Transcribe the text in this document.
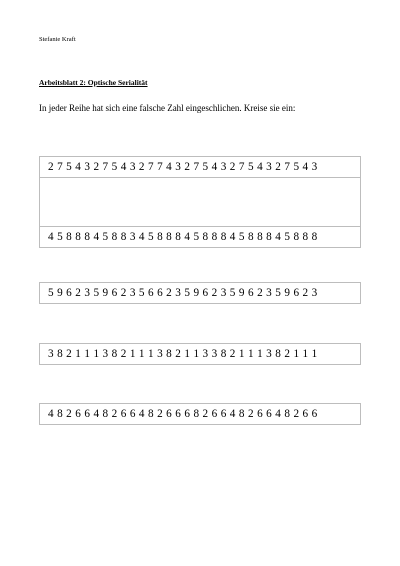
Stefanie Kraft
Arbeitsblatt 2: Optische Serialität
In jeder Reihe hat sich eine falsche Zahl eingeschlichen. Kreise sie ein:
2 7 5 4 3 2 7 5 4 3 2 7 7 4 3 2 7 5 4 3 2 7 5 4 3 2 7 5 4 3
4 5 8 8 8 4 5 8 8 3 4 5 8 8 8 4 5 8 8 8 4 5 8 8 8 4 5 8 8 8
5 9 6 2 3 5 9 6 2 3 5 6 6 2 3 5 9 6 2 3 5 9 6 2 3 5 9 6 2 3
3 8 2 1 1 1 3 8 2 1 1 1 3 8 2 1 1 3 3 8 2 1 1 1 3 8 2 1 1 1
4 8 2 6 6 4 8 2 6 6 4 8 2 6 6 6 8 2 6 6 4 8 2 6 6 4 8 2 6 6
